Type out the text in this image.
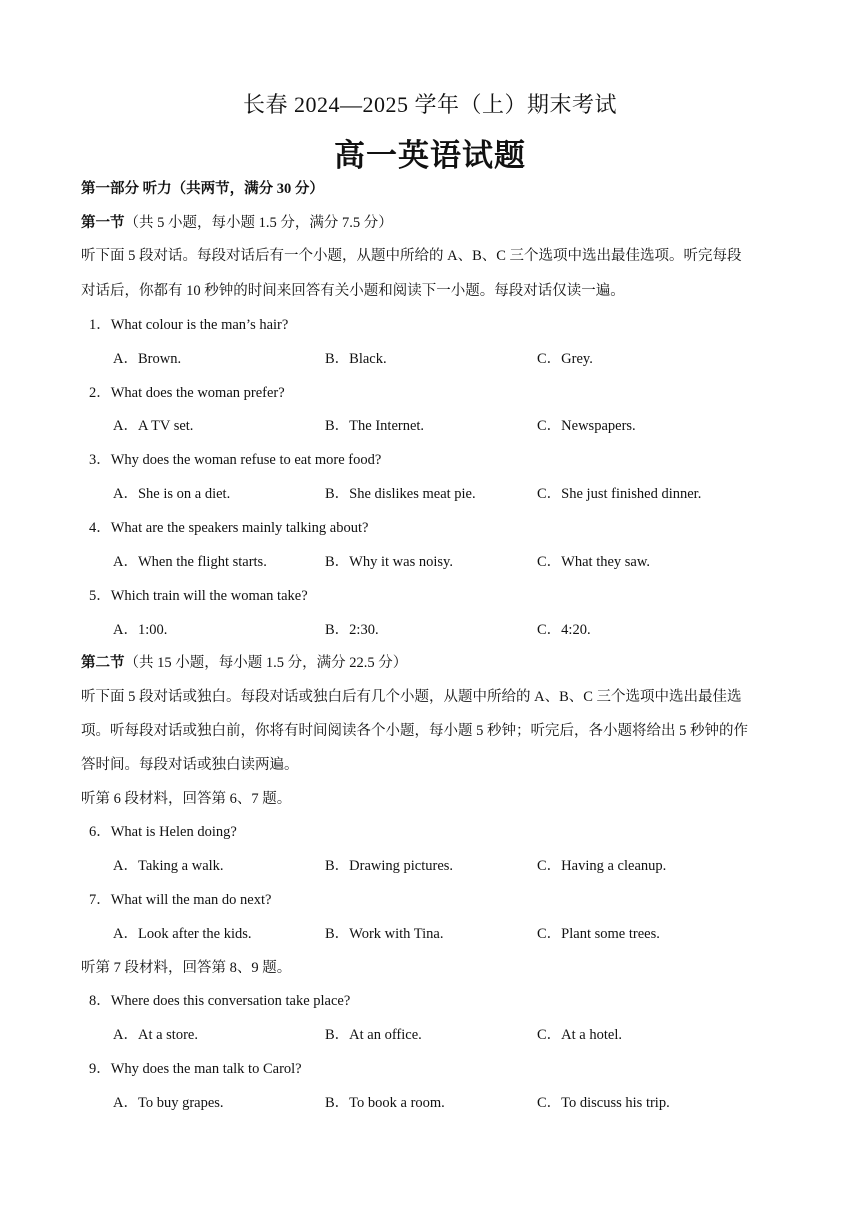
长春 2024—2025 学年（上）期末考试
高一英语试题
第一部分 听力（共两节，满分 30 分）
第一节（共 5 小题，每小题 1.5 分，满分 7.5 分）
听下面 5 段对话。每段对话后有一个小题，从题中所给的 A、B、C 三个选项中选出最佳选项。听完每段
对话后，你都有 10 秒钟的时间来回答有关小题和阅读下一小题。每段对话仅读一遍。
1．What colour is the man’s hair?
A．Brown.	B．Black.	C．Grey.
2．What does the woman prefer?
A．A TV set.	B．The Internet.	C．Newspapers.
3．Why does the woman refuse to eat more food?
A．She is on a diet.	B．She dislikes meat pie.	C．She just finished dinner.
4．What are the speakers mainly talking about?
A．When the flight starts.	B．Why it was noisy.	C．What they saw.
5．Which train will the woman take?
A．1:00.	B．2:30.	C．4:20.
第二节（共 15 小题，每小题 1.5 分，满分 22.5 分）
听下面 5 段对话或独白。每段对话或独白后有几个小题，从题中所给的 A、B、C 三个选项中选出最佳选
项。听每段对话或独白前，你将有时间阅读各个小题，每小题 5 秒钟；听完后，各小题将给出 5 秒钟的作
答时间。每段对话或独白读两遍。
听第 6 段材料，回答第 6、7 题。
6．What is Helen doing?
A．Taking a walk.	B．Drawing pictures.	C．Having a cleanup.
7．What will the man do next?
A．Look after the kids.	B．Work with Tina.	C．Plant some trees.
听第 7 段材料，回答第 8、9 题。
8．Where does this conversation take place?
A．At a store.	B．At an office.	C．At a hotel.
9．Why does the man talk to Carol?
A．To buy grapes.	B．To book a room.	C．To discuss his trip.
